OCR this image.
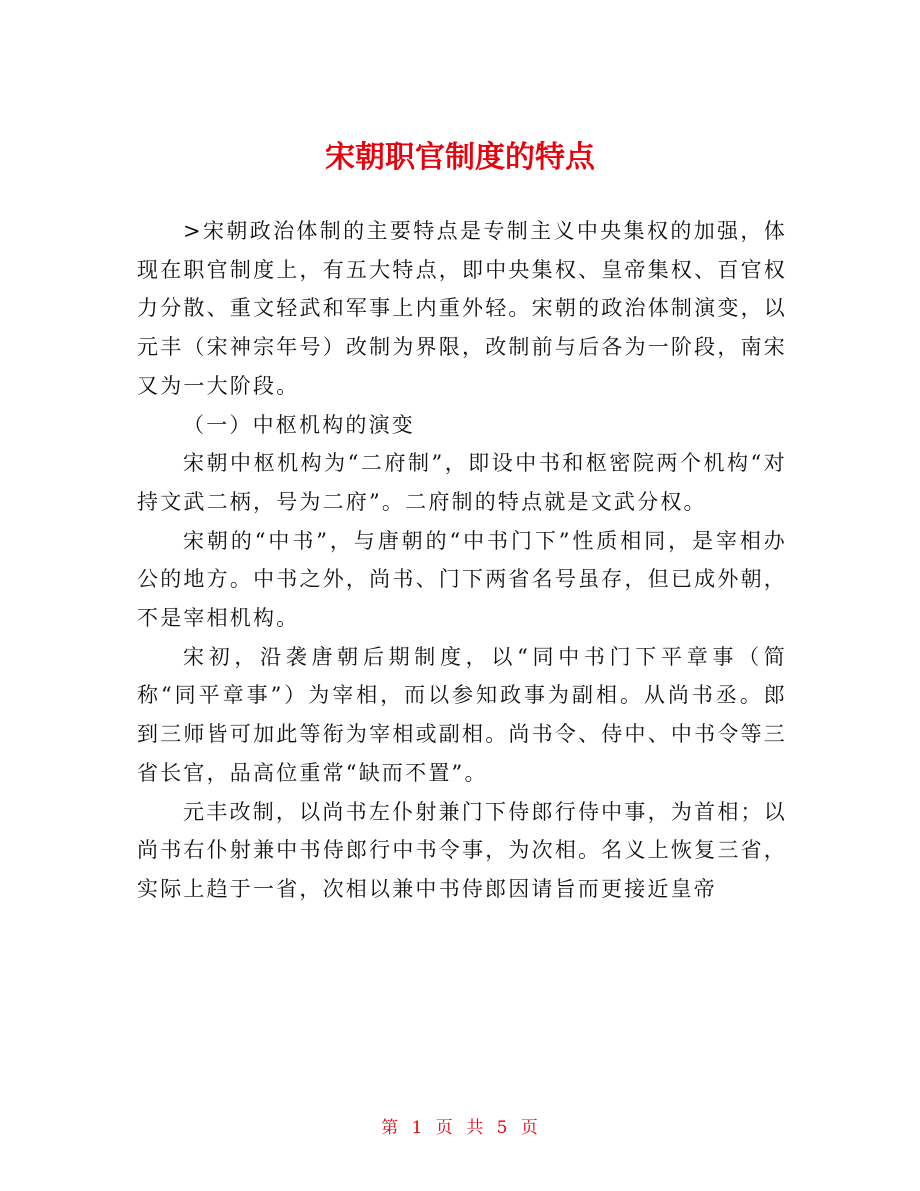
宋朝职官制度的特点

>宋朝政治体制的主要特点是专制主义中央集权的加强，体现在职官制度上，有五大特点，即中央集权、皇帝集权、百官权力分散、重文轻武和军事上内重外轻。宋朝的政治体制演变，以元丰（宋神宗年号）改制为界限，改制前与后各为一阶段，南宋又为一大阶段。

（一）中枢机构的演变

宋朝中枢机构为“二府制”，即设中书和枢密院两个机构“对持文武二柄，号为二府”。二府制的特点就是文武分权。

宋朝的“中书”，与唐朝的“中书门下”性质相同，是宰相办公的地方。中书之外，尚书、门下两省名号虽存，但已成外朝，不是宰相机构。

宋初，沿袭唐朝后期制度，以“同中书门下平章事（简称“同平章事”）为宰相，而以参知政事为副相。从尚书丞。郎到三师皆可加此等衔为宰相或副相。尚书令、侍中、中书令等三省长官，品高位重常“缺而不置”。

元丰改制，以尚书左仆射兼门下侍郎行侍中事，为首相；以尚书右仆射兼中书侍郎行中书令事，为次相。名义上恢复三省，实际上趋于一省，次相以兼中书侍郎因请旨而更接近皇帝

第 1 页 共 5 页
